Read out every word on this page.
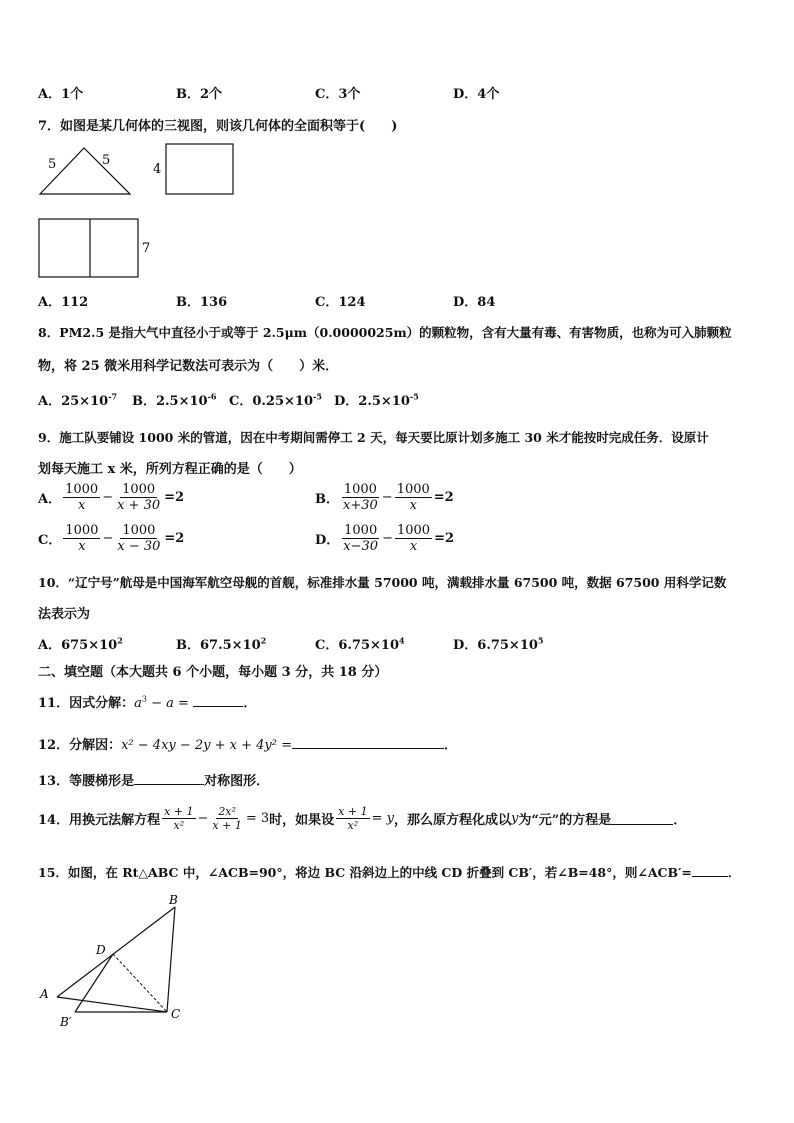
A．1个	B．2个	C．3个	D．4个
7．如图是某几何体的三视图，则该几何体的全面积等于(　　)
5	5
4
7
A．112	B．136	C．124	D．84
8．PM2.5 是指大气中直径小于或等于 2.5μm（0.0000025m）的颗粒物，含有大量有毒、有害物质，也称为可入肺颗粒
物，将 25 微米用科学记数法可表示为（　　）米．
A．$25\times 10^{-7}$ B．$2.5\times 10^{-6}$ C．$0.25\times 10^{-5}$ D．$2.5\times 10^{-5}$
9．施工队要铺设 1000 米的管道，因在中考期间需停工 2 天，每天要比原计划多施工 30 米才能按时完成任务．设原计
划每天施工 x 米，所列方程正确的是（　　）
A． $\frac{1000}{x} - \frac{1000}{x + 30} =2$	B． $\frac{1000}{x+30} - \frac{1000}{x} =2$
C． $\frac{1000}{x} - \frac{1000}{x - 30} =2$	D． $\frac{1000}{x-30} - \frac{1000}{x} =2$
10．“辽宁号”航母是中国海军航空母舰的首舰，标准排水量 57000 吨，满载排水量 67500 吨，数据 67500 用科学记数
法表示为
A．$675\times 10^2$	B．$67.5\times 10^2$	C．$6.75\times 10^4$	D．$6.75\times 10^5$
二、填空题（本大题共 6 个小题，每小题 3 分，共 18 分）
11．因式分解：$a^3 - a$ =	．
12．分解因：x² − 4xy − 2y + x + 4y² =	．
13．等腰梯形是	对称图形．
14．用换元法解方程 $\frac{x + 1}{\text{x²}} - \frac{\text{2x²}}{x + 1} = 3$ 时，如果设 $\frac{x + 1}{\text{x²}} = y$ ，那么原方程化成以 y 为“元”的方程是	．
15．如图，在 Rt△ABC 中，∠ACB=90°，将边 BC 沿斜边上的中线 CD 折叠到 CB′，若∠B=48°，则∠ACB′=	．
B
D
A
C
B′
